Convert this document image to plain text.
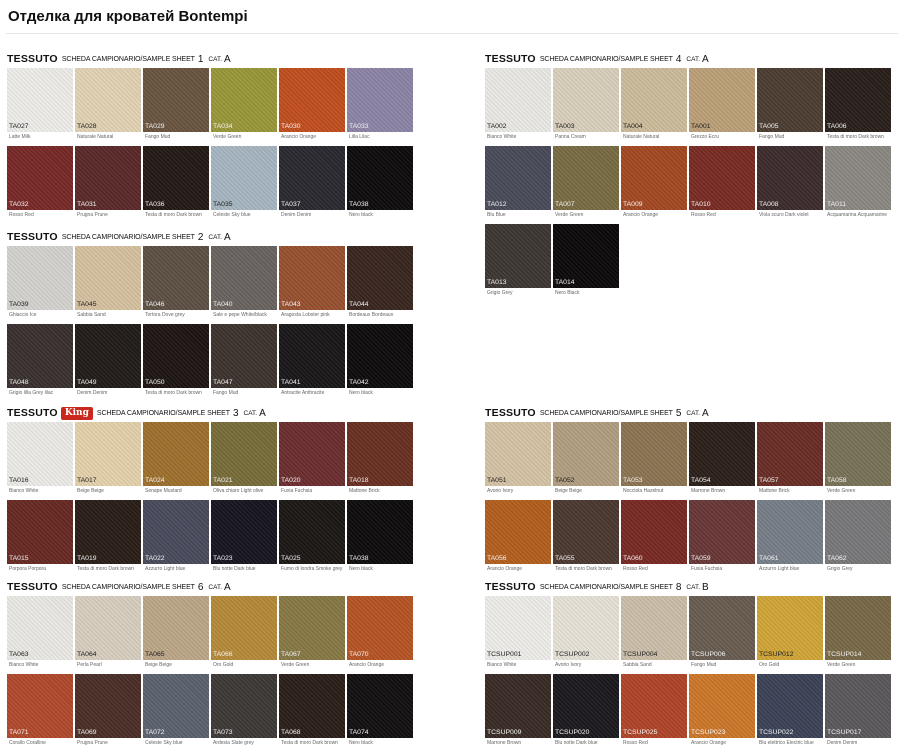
Отделка для кроватей Bontempi
TESSUTO SCHEDA CAMPIONARIO/SAMPLE SHEET 1 CAT. A
TA027
Latte Milk
TA028
Naturale Natural
TA029
Fango Mud
TA034
Verde Green
TA030
Arancio Orange
TA033
Lilla Lilac
TA032
Rosso Red
TA031
Prugna Prune
TA036
Testa di moro Dark brown
TA035
Celeste Sky blue
TA037
Denim Denim
TA038
Nero black
TESSUTO SCHEDA CAMPIONARIO/SAMPLE SHEET 2 CAT. A
TA039
Ghiaccio Ice
TA045
Sabbia Sand
TA046
Tortora Dove grey
TA040
Sale e pepe White/black
TA043
Aragosta Lobster pink
TA044
Bordeaux Bordeaux
TA048
Grigio lilla Grey lilac
TA049
Denim Denim
TA050
Testa di moro Dark brown
TA047
Fango Mud
TA041
Antracite Anthracite
TA042
Nero black
TESSUTO King	SCHEDA CAMPIONARIO/SAMPLE SHEET 3 CAT. A
TA016
Bianco White
TA017
Beige Beige
TA024
Senape Mustard
TA021
Oliva chiaro Light olive
TA020
Fuxia Fuchsia
TA018
Mattone Brick
TA015
Porpora Porpora
TA019
Testa di moro Dark brown
TA022
Azzurro Light blue
TA023
Blu notte Dark blue
TA025
Fumo di londra Smoke grey
TA038
Nero black
TESSUTO SCHEDA CAMPIONARIO/SAMPLE SHEET 6 CAT. A
TA063
Bianco White
TA064
Perla Pearl
TA065
Beige Beige
TA066
Oro Gold
TA067
Verde Green
TA070
Arancio Orange
TA071
Corallo Coralline
TA069
Prugna Prune
TA072
Celeste Sky blue
TA073
Ardesia Slate grey
TA068
Testa di moro Dark brown
TA074
Nero black
TESSUTO SCHEDA CAMPIONARIO/SAMPLE SHEET 4 CAT. A
TA002
Bianco White
TA003
Panna Cream
TA004
Naturale Natural
TA001
Grezzo Ecru
TA005
Fango Mud
TA006
Testa di moro Dark brown
TA012
Blu Blue
TA007
Verde Green
TA009
Arancio Orange
TA010
Rosso Red
TA008
Viola scuro Dark violet
TA011
Acquamarina Acquamarine
TA013
Grigio Grey
TA014
Nero Black
TESSUTO SCHEDA CAMPIONARIO/SAMPLE SHEET 5 CAT. A
TA051
Avorio Ivory
TA052
Beige Beige
TA053
Nocciola Hazelnut
TA054
Marrone Brown
TA057
Mattone Brick
TA058
Verde Green
TA056
Arancio Orange
TA055
Testa di moro Dark brown
TA060
Rosso Red
TA059
Fuxia Fuchsia
TA061
Azzurro Light blue
TA062
Grigio Grey
TESSUTO SCHEDA CAMPIONARIO/SAMPLE SHEET 8 CAT. B
TCSUP001
Bianco White
TCSUP002
Avorio Ivory
TCSUP004
Sabbia Sand
TCSUP006
Fango Mud
TCSUP012
Oro Gold
TCSUP014
Verde Green
TCSUP009
Marrone Brown
TCSUP020
Blu notte Dark blue
TCSUP025
Rosso Red
TCSUP023
Arancio Orange
TCSUP022
Blu elettrico Electric blue
TCSUP017
Denim Denim
